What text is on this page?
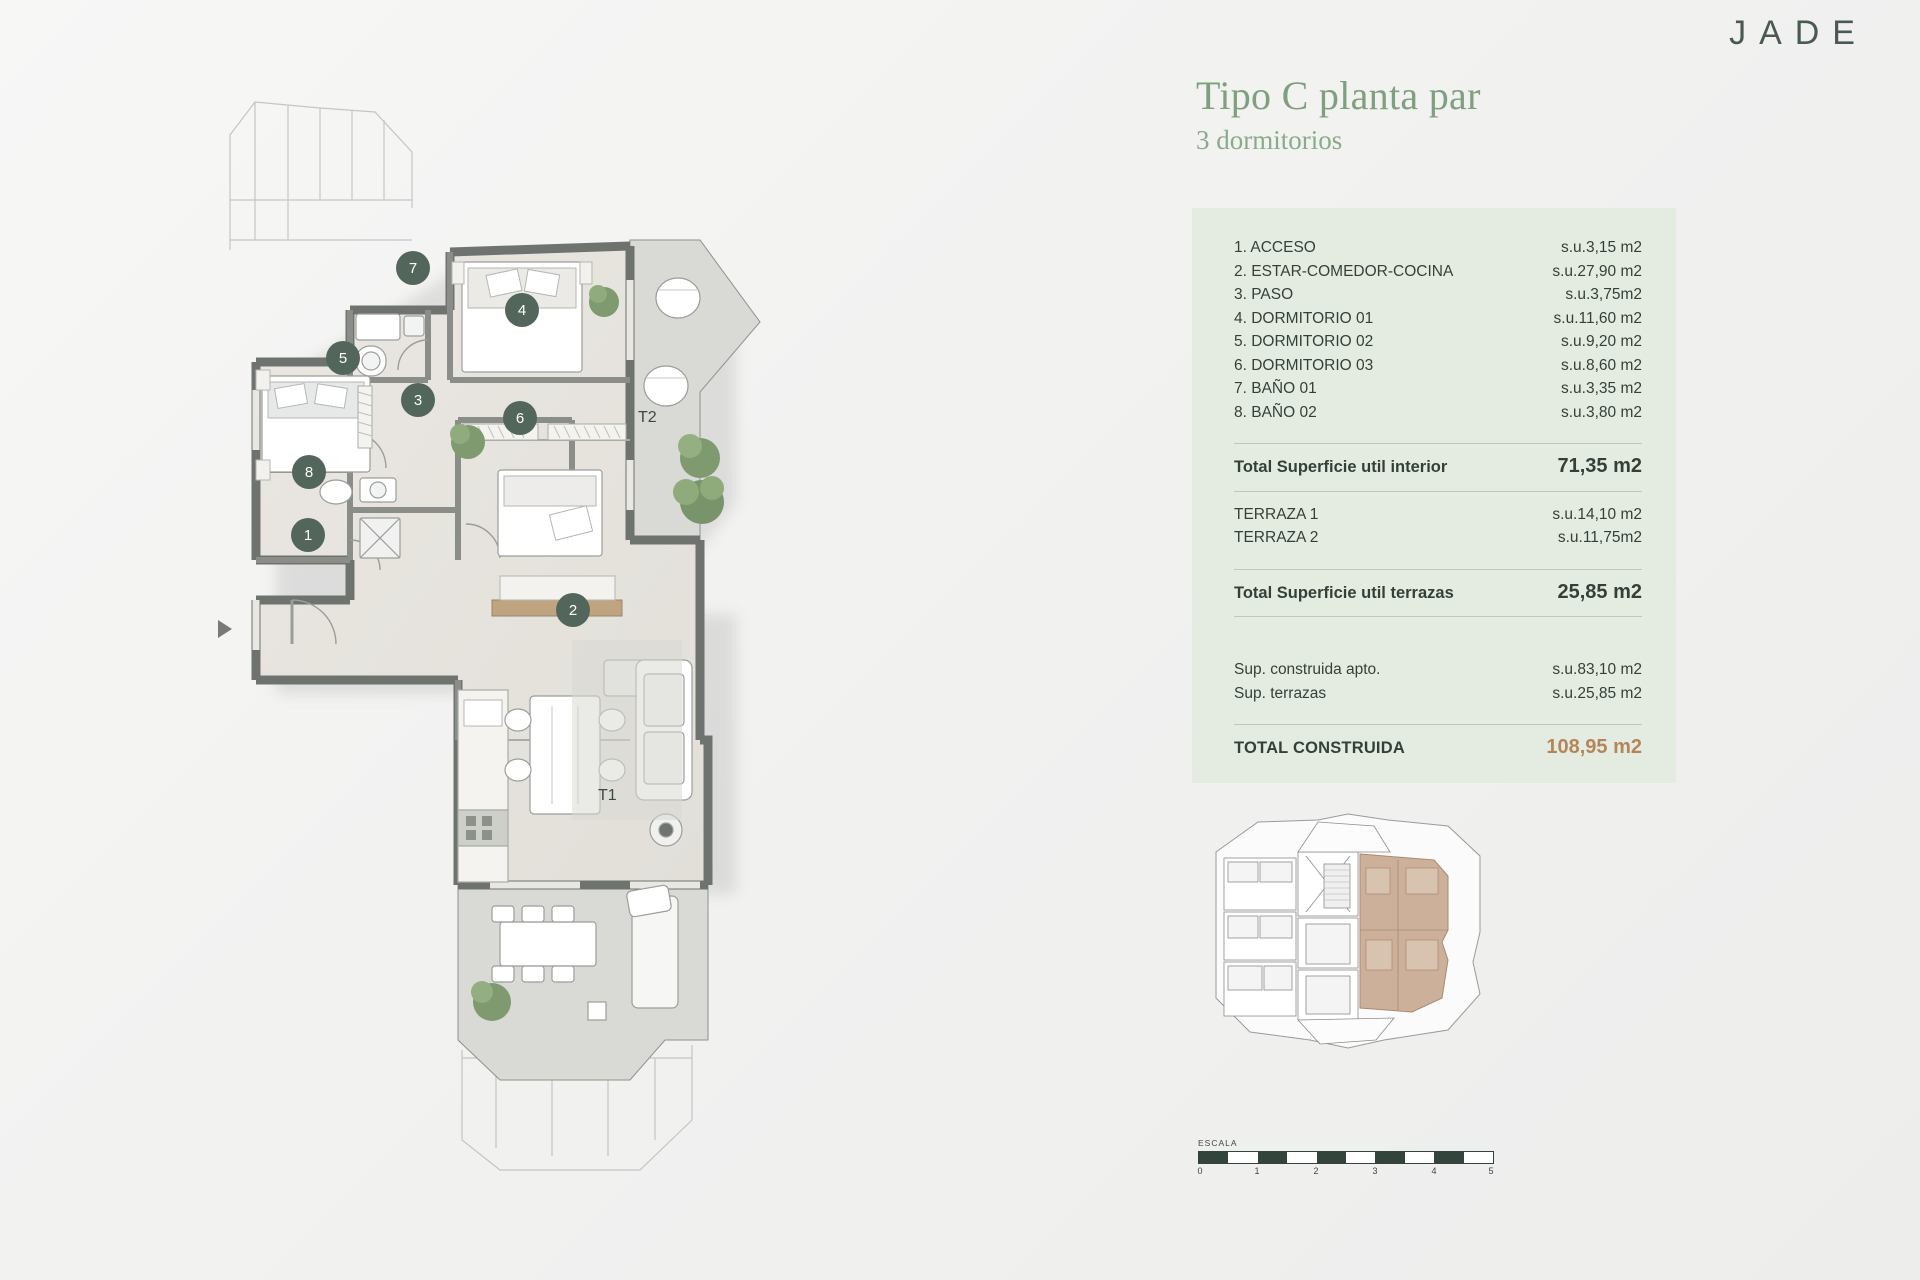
JADE
Tipo C planta par
3 dormitorios
1. ACCESO	s.u.3,15 m2
2. ESTAR-COMEDOR-COCINA	s.u.27,90 m2
3. PASO	s.u.3,75m2
4. DORMITORIO 01	s.u.11,60 m2
5. DORMITORIO 02	s.u.9,20 m2
6. DORMITORIO 03	s.u.8,60 m2
7. BAÑO 01	s.u.3,35 m2
8. BAÑO 02	s.u.3,80 m2
Total Superficie util interior	71,35 m2
TERRAZA 1	s.u.14,10 m2
TERRAZA 2	s.u.11,75m2
Total Superficie util terrazas	25,85 m2
Sup. construida apto.	s.u.83,10 m2
Sup. terrazas	s.u.25,85 m2
TOTAL CONSTRUIDA	108,95 m2
ESCALA
0	1	2	3	4	5
1
2
3
4
5
6
7
8
T1
T2
